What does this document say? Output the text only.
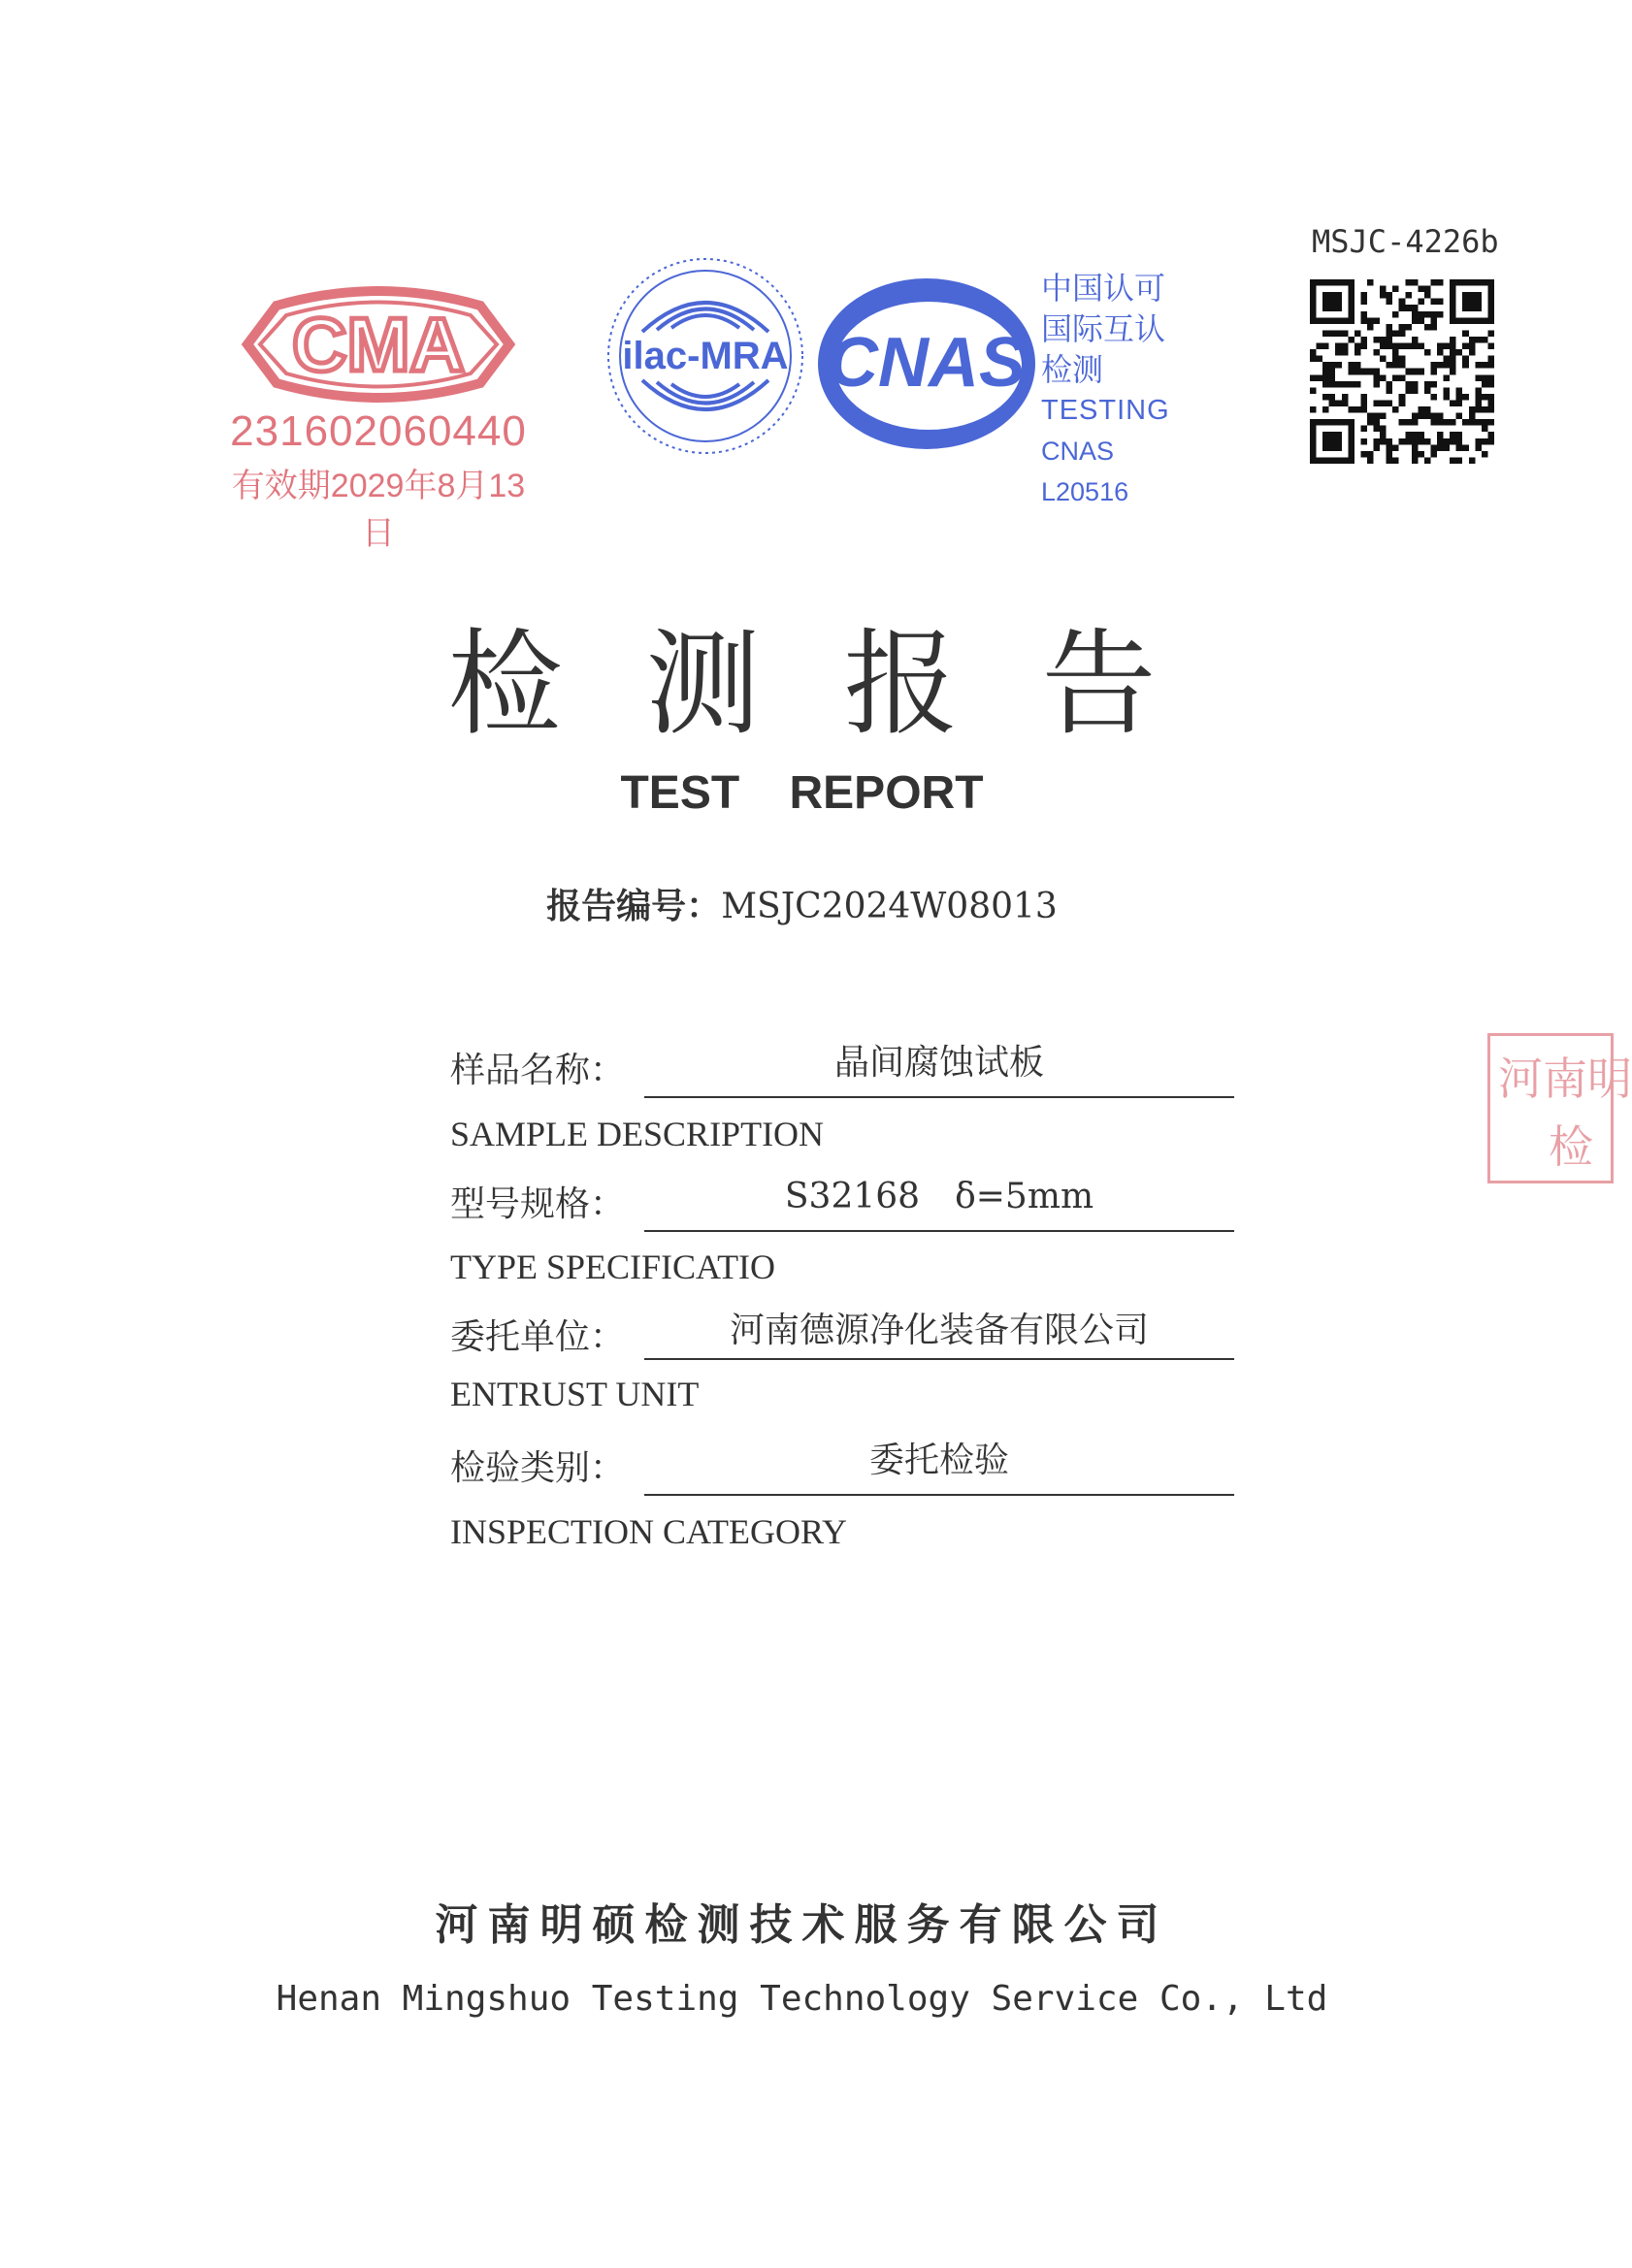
CMA
231602060440
有效期2029年8月13日
ilac-MRA CNAS
中国认可
国际互认
检测
TESTING
CNAS L20516
MSJC-4226b
检测报告
TEST REPORT
报告编号：MSJC2024W08013
样品名称：	晶间腐蚀试板
SAMPLE DESCRIPTION
型号规格：	S32168　δ=5mm
TYPE SPECIFICATIO
委托单位：	河南德源净化装备有限公司
ENTRUST UNIT
检验类别：	委托检验
INSPECTION CATEGORY
河南明
检
河南明硕检测技术服务有限公司
Henan Mingshuo Testing Technology Service Co., Ltd
